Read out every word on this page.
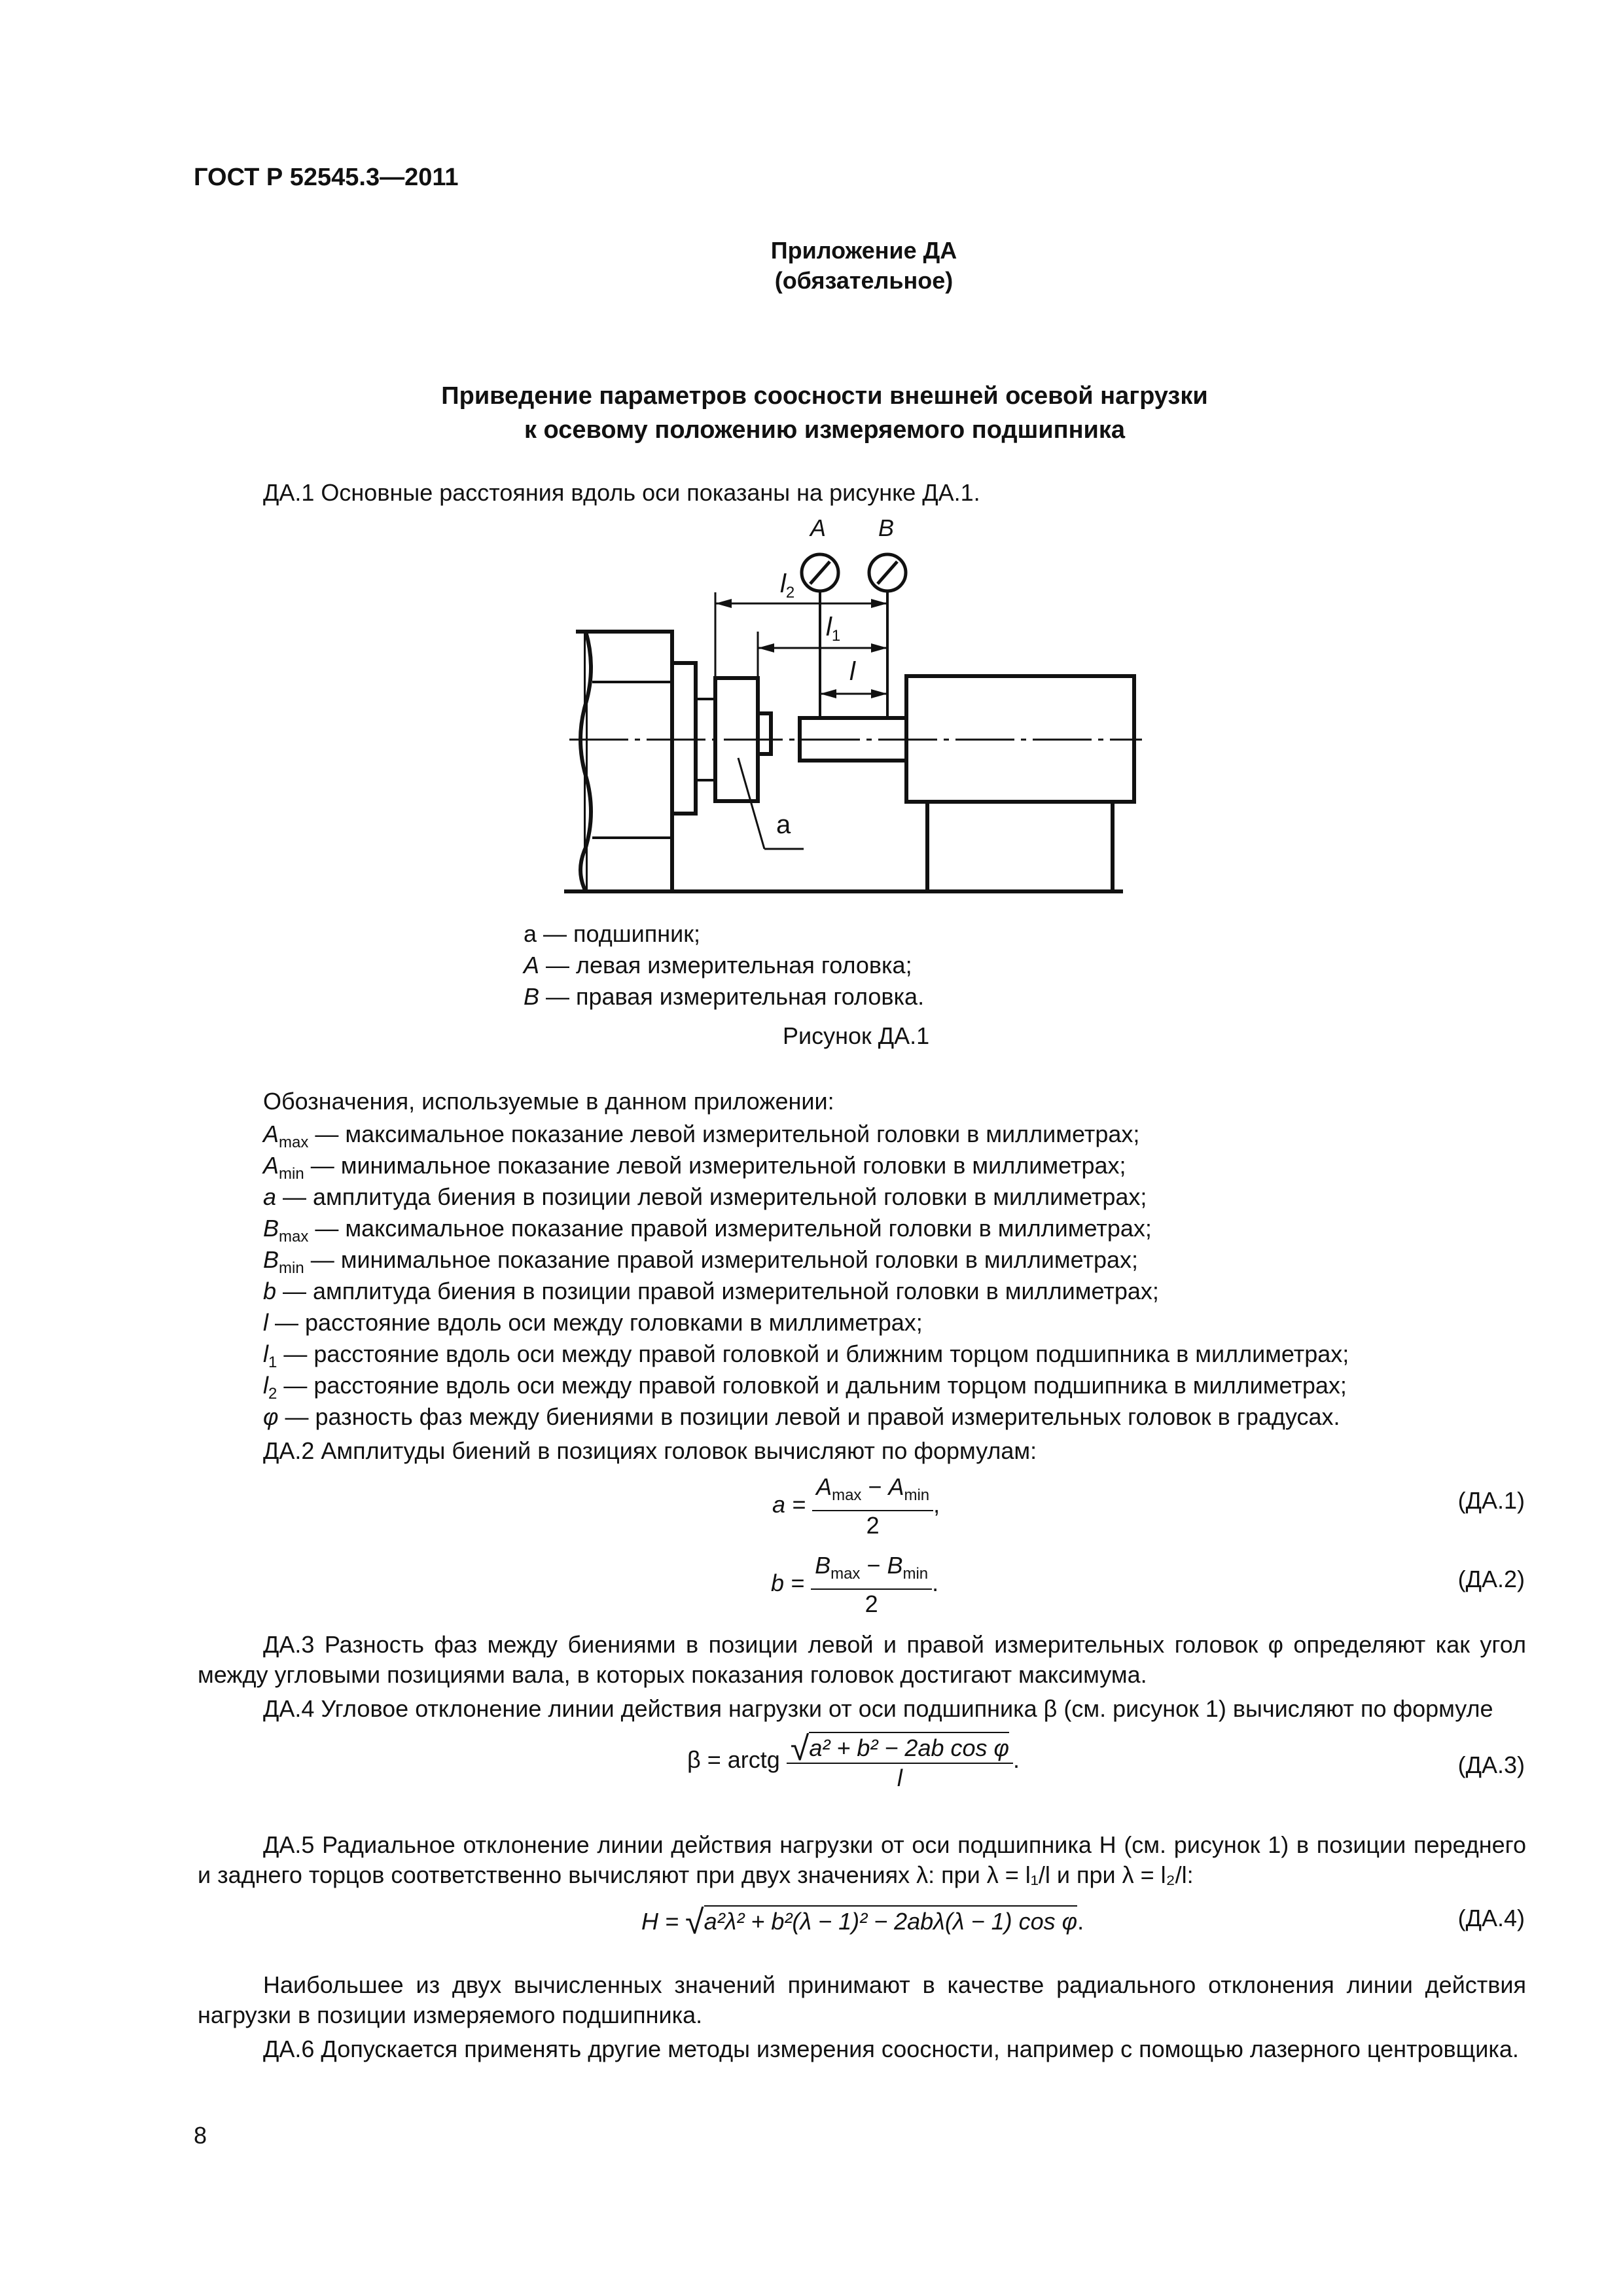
ГОСТ Р 52545.3—2011
Приложение ДА
(обязательное)
Приведение параметров соосности внешней осевой нагрузки
к осевому положению измеряемого подшипника
ДА.1 Основные расстояния вдоль оси показаны на рисунке ДА.1.
A B
$l_2$
$l_1$
l
а
а — подшипник;
A — левая измерительная головка;
B — правая измерительная головка.
Рисунок ДА.1
Обозначения, используемые в данном приложении:
$A_{max}$ — максимальное показание левой измерительной головки в миллиметрах;
$A_{min}$ — минимальное показание левой измерительной головки в миллиметрах;
a — амплитуда биения в позиции левой измерительной головки в миллиметрах;
$B_{max}$ — максимальное показание правой измерительной головки в миллиметрах;
$B_{min}$ — минимальное показание правой измерительной головки в миллиметрах;
b — амплитуда биения в позиции правой измерительной головки в миллиметрах;
l — расстояние вдоль оси между головками в миллиметрах;
$l_1$ — расстояние вдоль оси между правой головкой и ближним торцом подшипника в миллиметрах;
$l_2$ — расстояние вдоль оси между правой головкой и дальним торцом подшипника в миллиметрах;
φ — разность фаз между биениями в позиции левой и правой измерительных головок в градусах.
ДА.2 Амплитуды биений в позициях головок вычисляют по формулам:
$a = \frac{A_{max} - A_{min}}{2}$ ,	(ДА.1)
$b = \frac{B_{max} - B_{min}}{2}$ .	(ДА.2)
ДА.3 Разность фаз между биениями в позиции левой и правой измерительных головок φ определяют как угол между угловыми позициями вала, в которых показания головок достигают максимума.
ДА.4 Угловое отклонение линии действия нагрузки от оси подшипника β (см. рисунок 1) вычисляют по формуле
β = arctg $\frac{\text{√a² + b² − 2ab cos φ}}{l}$ .	(ДА.3)
ДА.5 Радиальное отклонение линии действия нагрузки от оси подшипника H (см. рисунок 1) в позиции переднего и заднего торцов соответственно вычисляют при двух значениях λ: при λ = l₁/l и при λ = l₂/l:
H = √a²λ² + b²(λ − 1)² − 2abλ(λ − 1) cos φ.	(ДА.4)
Наибольшее из двух вычисленных значений принимают в качестве радиального отклонения линии действия нагрузки в позиции измеряемого подшипника.
ДА.6 Допускается применять другие методы измерения соосности, например с помощью лазерного центровщика.
8
